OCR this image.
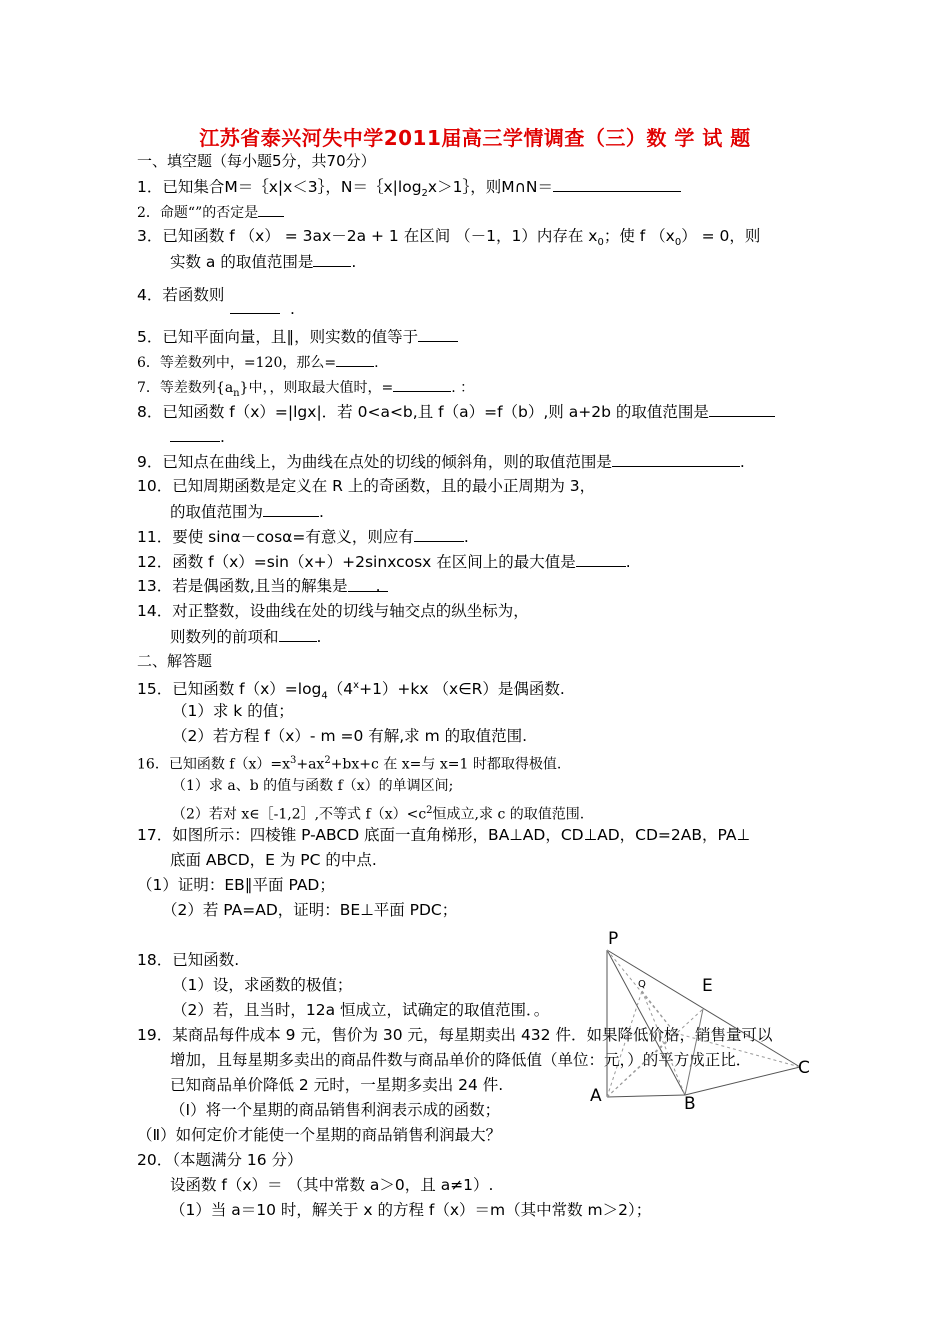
江苏省泰兴河失中学2011届高三学情调查（三）数 学 试 题
一、填空题（每小题5分，共70分）
1．已知集合M＝｛x|x＜3｝，$N=\{x|\log_2x>1\}$，则M∩N＝
2．命题“”的否定是
3．已知函数 f （x） = 3ax－2a + 1 在区间 （－1，1）内存在 $x_0$；使 f $(x_0) = 0$，则
实数 a 的取值范围是 .
4．若函数则
.
5．已知平面向量，且∥，则实数的值等于
6．等差数列中，=120，那么=	.
7．等差数列$\{a_n\}$中，，则取最大值时，=	. ：
8．已知函数 f（x）=|lgx|．若 0<a<b,且 f（a）=f（b）,则 a+2b 的取值范围是
.
9．已知点在曲线上，为曲线在点处的切线的倾斜角，则的取值范围是	.
10．已知周期函数是定义在 R 上的奇函数，且的最小正周期为 3，
的取值范围为	.
11．要使 sinα－cosα=有意义，则应有	.
12．函数 f（x）=sin（x+）+2sinxcosx 在区间上的最大值是	.
13．若是偶函数,且当的解集是 .
14．对正整数，设曲线在处的切线与轴交点的纵坐标为，
则数列的前项和 .
二、解答题
15．已知函数 $f(x)=\log_4(4^x+1)+kx$ （x∈R）是偶函数.
（1）求 k 的值；
（2）若方程 f（x）- m =0 有解,求 m 的取值范围.
16．已知函数 $f(x)=x^3+ax^2+bx+c$ 在 x=与 x=1 时都取得极值.
（1）求 a、b 的值与函数 f（x）的单调区间;
（2）若对 x∈［-1,2］,不等式 $f(x)<c^2$恒成立,求 c 的取值范围.
17．如图所示：四棱锥 P-ABCD 底面一直角梯形，BA⊥AD，CD⊥AD，CD=2AB，PA⊥
底面 ABCD，E 为 PC 的中点.
（1）证明：EB∥平面 PAD；
（2）若 PA=AD，证明：BE⊥平面 PDC；
18．已知函数.
（1）设，求函数的极值；
（2）若，且当时，12a 恒成立，试确定的取值范围．。
19．某商品每件成本 9 元，售价为 30 元，每星期卖出 432 件．如果降低价格，销售量可以
增加，且每星期多卖出的商品件数与商品单价的降低值（单位：元，）的平方成正比．
已知商品单价降低 2 元时，一星期多卖出 24 件.
（Ⅰ）将一个星期的商品销售利润表示成的函数；
（Ⅱ）如何定价才能使一个星期的商品销售利润最大？
20．（本题满分 16 分）
设函数 f（x）＝ （其中常数 a＞0，且 a≠1）.
（1）当 a＝10 时，解关于 x 的方程 f（x）＝m（其中常数 m＞2）；
P
Q	E
A	B
C
